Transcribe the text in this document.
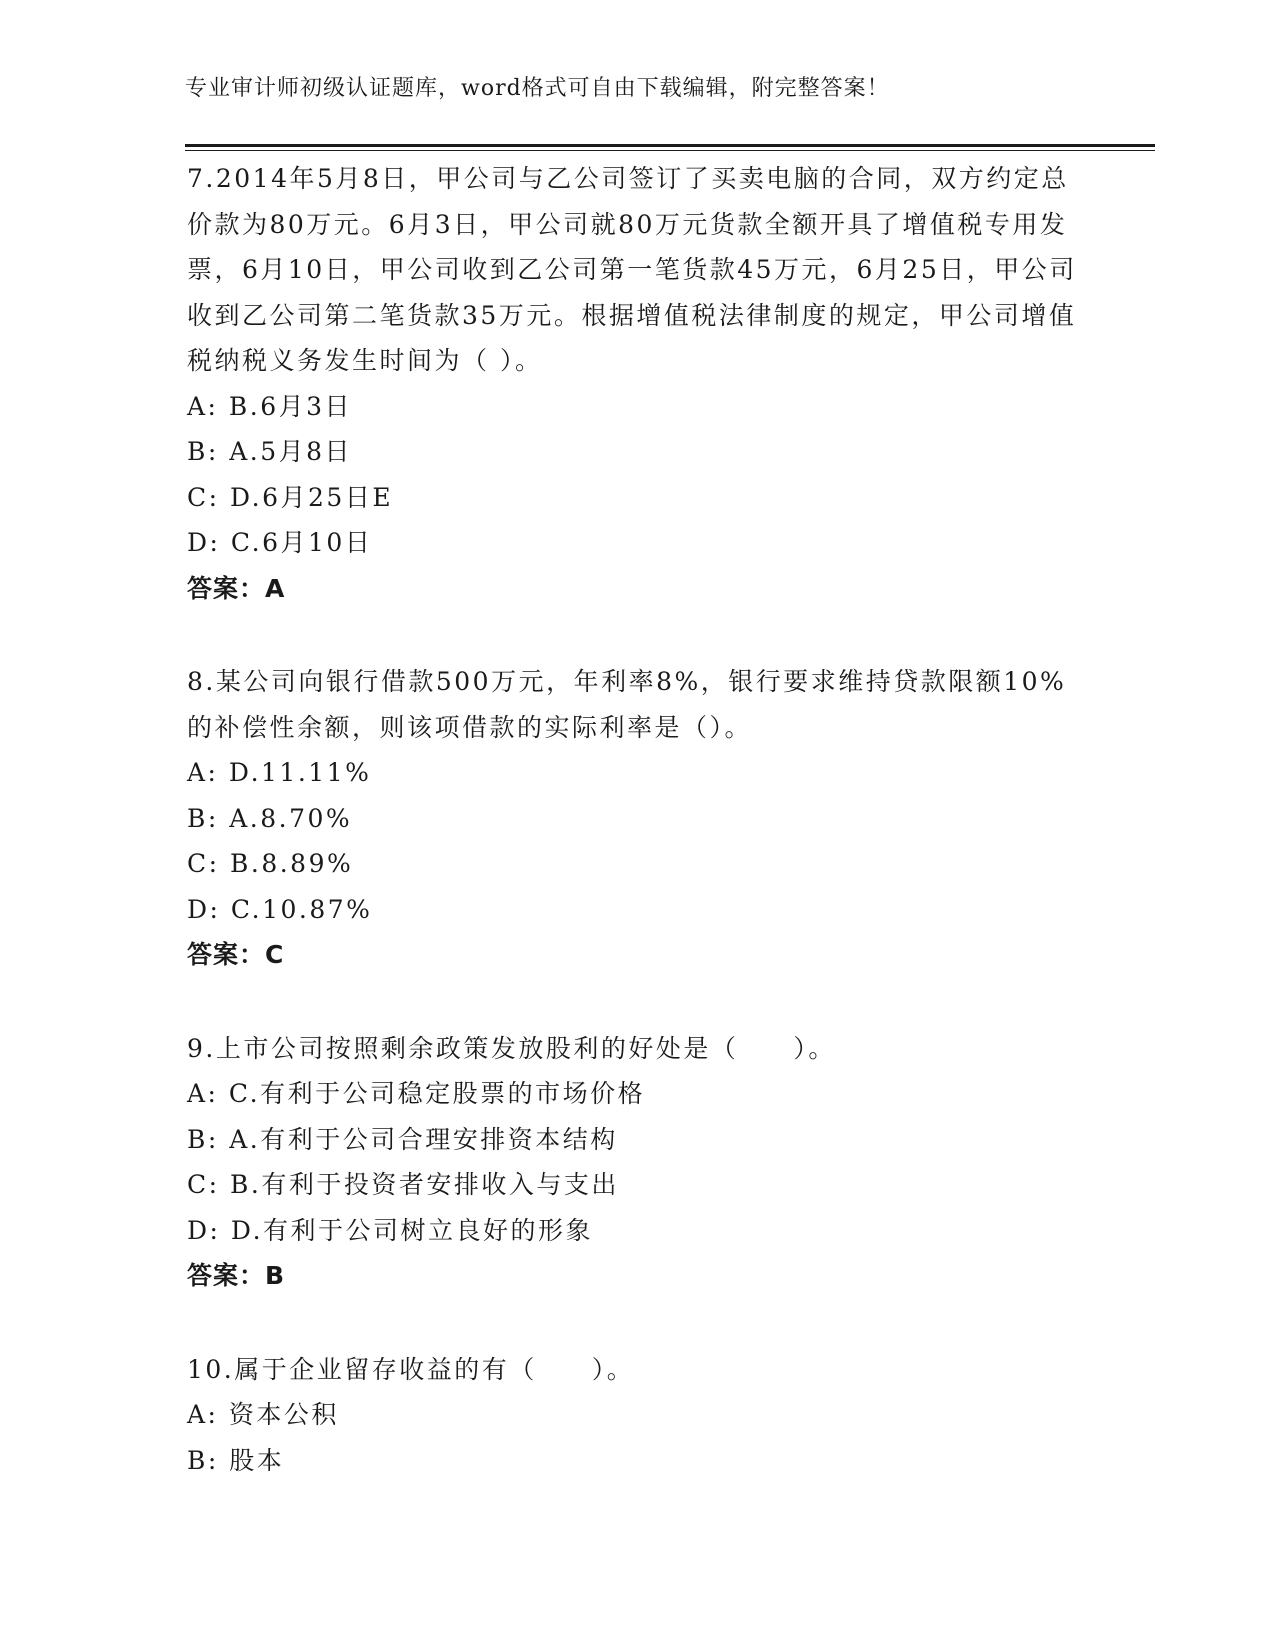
专业审计师初级认证题库，word格式可自由下载编辑，附完整答案！

7.2014年5月8日，甲公司与乙公司签订了买卖电脑的合同，双方约定总价款为80万元。6月3日，甲公司就80万元货款全额开具了增值税专用发票，6月10日，甲公司收到乙公司第一笔货款45万元，6月25日，甲公司收到乙公司第二笔货款35万元。根据增值税法律制度的规定，甲公司增值税纳税义务发生时间为（ ）。

A: B.6月3日
B: A.5月8日
C: D.6月25日E
D: C.6月10日
答案：A

8.某公司向银行借款500万元，年利率8%，银行要求维持贷款限额10%的补偿性余额，则该项借款的实际利率是（）。

A: D.11.11%
B: A.8.70%
C: B.8.89%
D: C.10.87%
答案：C

9.上市公司按照剩余政策发放股利的好处是（　　）。

A: C.有利于公司稳定股票的市场价格
B: A.有利于公司合理安排资本结构
C: B.有利于投资者安排收入与支出
D: D.有利于公司树立良好的形象
答案：B

10.属于企业留存收益的有（　　）。

A: 资本公积
B: 股本
